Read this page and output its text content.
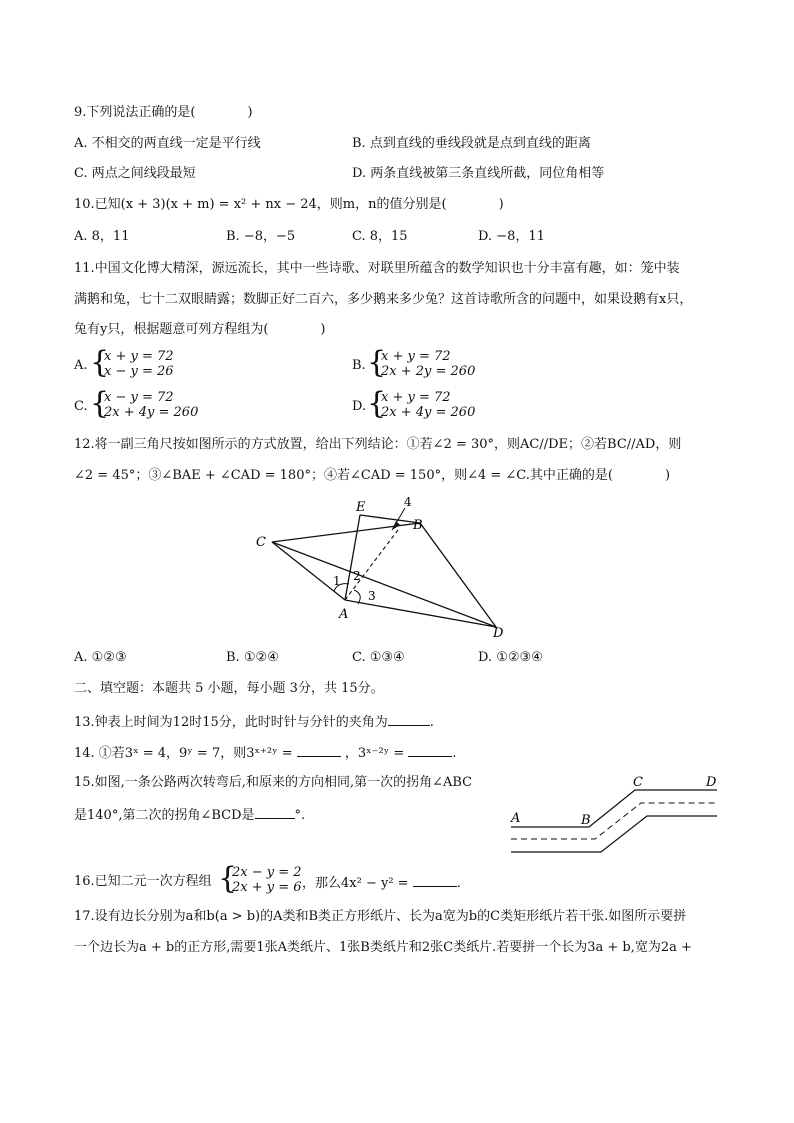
9.下列说法正确的是(　　　　)
A. 不相交的两直线一定是平行线	B. 点到直线的垂线段就是点到直线的距离
C. 两点之间线段最短	D. 两条直线被第三条直线所截，同位角相等
10.已知(x + 3)(x + m) = x² + nx − 24，则m，n的值分别是(　　　　)
A. 8，11	B. −8，−5	C. 8，15	D. −8，11
11.中国文化博大精深，源远流长，其中一些诗歌、对联里所蕴含的数学知识也十分丰富有趣，如：笼中装
满鹅和兔，七十二双眼睛露；数脚正好二百六，多少鹅来多少兔？这首诗歌所含的问题中，如果设鹅有x只，
兔有y只，根据题意可列方程组为(　　　　)
A. {
x + y = 72
x − y = 26	B. {
x + y = 72
2x + 2y = 260
C. {
x − y = 72
2x + 4y = 260	D. {
x + y = 72
2x + 4y = 260
12.将一副三角尺按如图所示的方式放置，给出下列结论：①若∠2 = 30°，则AC//DE；②若BC//AD，则
∠2 = 45°；③∠BAE + ∠CAD = 180°；④若∠CAD = 150°，则∠4 = ∠C.其中正确的是(　　　　)
E	4
B
C
1 2
3
A
D
A. ①②③	B. ①②④	C. ①③④	D. ①②③④
二、填空题：本题共 5 小题，每小题 3分，共 15分。
13.钟表上时间为12时15分，此时时针与分针的夹角为	.
14. ①若3ˣ = 4，9ʸ = 7，则3ˣ⁺²ʸ =	，3ˣ⁻²ʸ =	.
15.如图,一条公路两次转弯后,和原来的方向相同,第一次的拐角∠ABC
是140°,第二次的拐角∠BCD是	°.	A	B
C	D
16.已知二元一次方程组 {
2x − y = 2
2x + y = 6 ，那么4x² − y² =	.
17.设有边长分别为a和b(a > b)的A类和B类正方形纸片、长为a宽为b的C类矩形纸片若干张.如图所示要拼
一个边长为a + b的正方形,需要1张A类纸片、1张B类纸片和2张C类纸片.若要拼一个长为3a + b,宽为2a +
